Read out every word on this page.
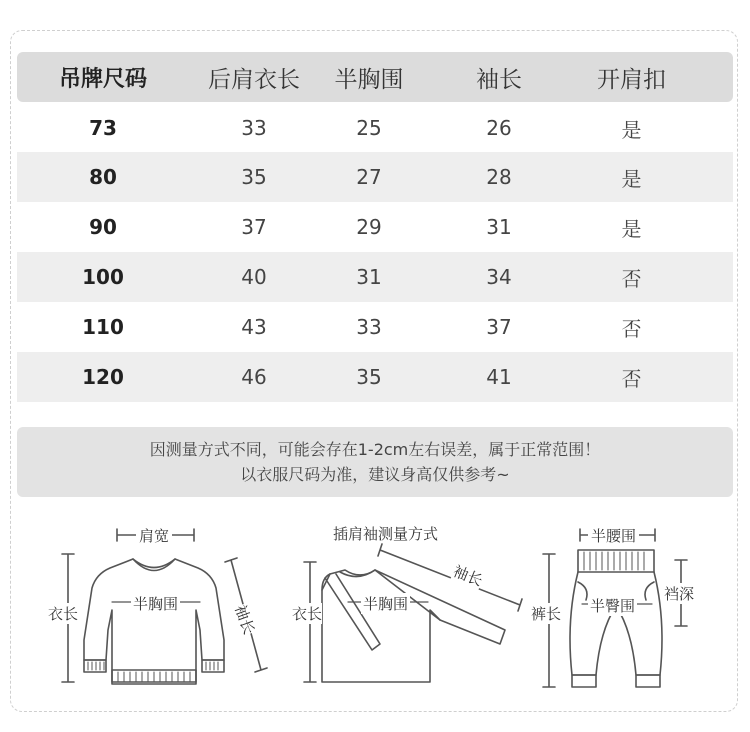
吊牌尺码	后肩衣长	半胸围	袖长	开肩扣
73	33	25	26	是
80	35	27	28	是
90	37	29	31	是
100	40	31	34	否
110	43	33	37	否
120	46	35	41	否
因测量方式不同，可能会存在1-2cm左右误差，属于正常范围！
以衣服尺码为准，建议身高仅供参考~
肩宽
衣长
半胸围	袖长
插肩袖测量方式
衣长
半胸围
袖长
半腰围
裤长 半臀围
裆深
